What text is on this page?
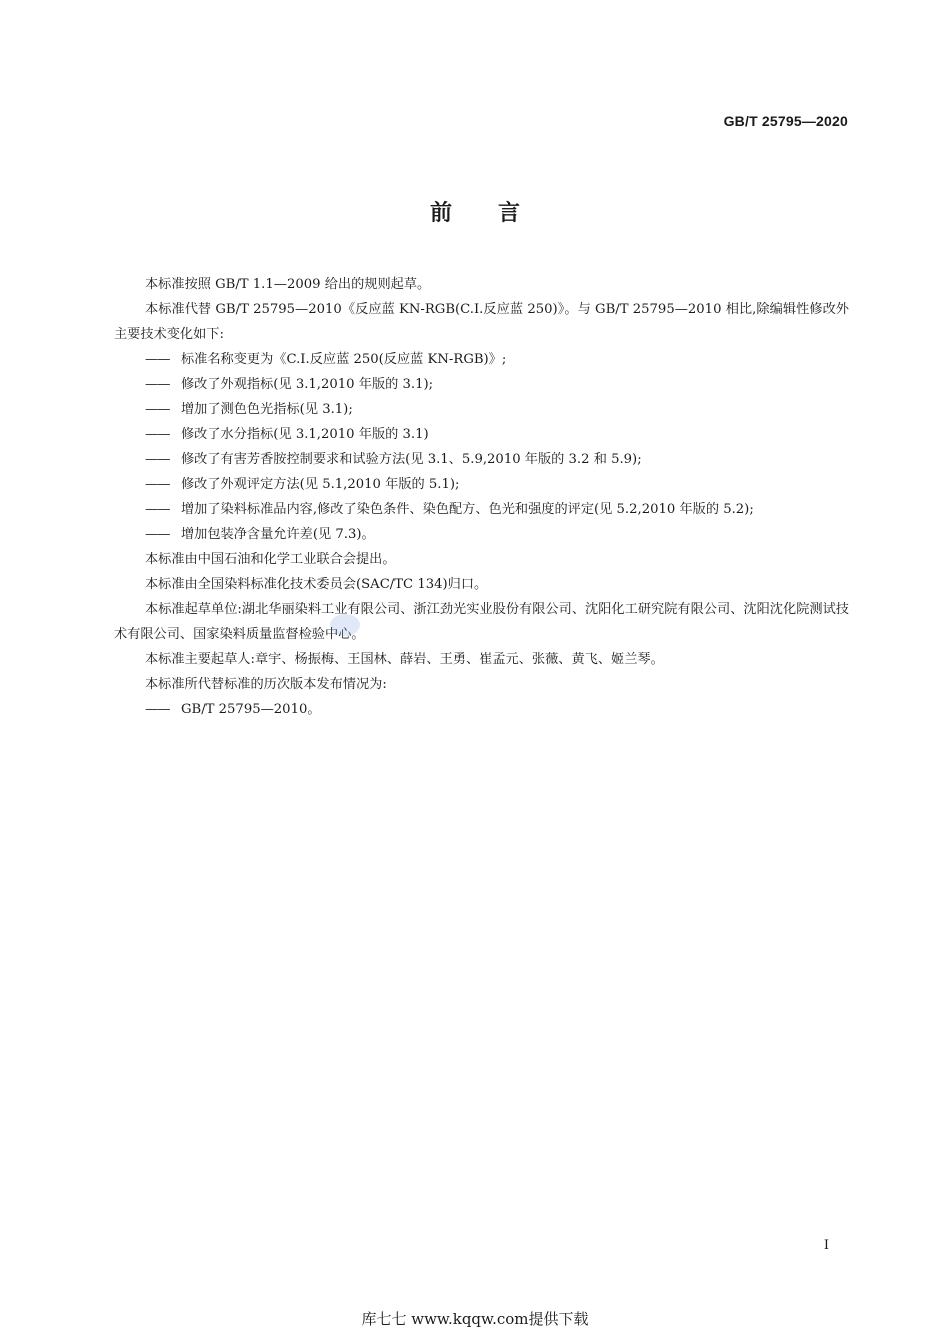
GB/T 25795—2020
前言

本标准按照 GB/T 1.1—2009 给出的规则起草。

本标准代替 GB/T 25795—2010《反应蓝 KN-RGB(C.I.反应蓝 250)》。与 GB/T 25795—2010 相比,除编辑性修改外主要技术变化如下:

—— 标准名称变更为《C.I.反应蓝 250(反应蓝 KN-RGB)》;
—— 修改了外观指标(见 3.1,2010 年版的 3.1);
—— 增加了测色色光指标(见 3.1);
—— 修改了水分指标(见 3.1,2010 年版的 3.1)
—— 修改了有害芳香胺控制要求和试验方法(见 3.1、5.9,2010 年版的 3.2 和 5.9);
—— 修改了外观评定方法(见 5.1,2010 年版的 5.1);
—— 增加了染料标准品内容,修改了染色条件、染色配方、色光和强度的评定(见 5.2,2010 年版的 5.2);
—— 增加包装净含量允许差(见 7.3)。

本标准由中国石油和化学工业联合会提出。

本标准由全国染料标准化技术委员会(SAC/TC 134)归口。

本标准起草单位:湖北华丽染料工业有限公司、浙江劲光实业股份有限公司、沈阳化工研究院有限公司、沈阳沈化院测试技术有限公司、国家染料质量监督检验中心。

本标准主要起草人:章宇、杨振梅、王国林、薛岩、王勇、崔孟元、张薇、黄飞、姬兰琴。

本标准所代替标准的历次版本发布情况为:

—— GB/T 25795—2010。
I
库七七 www.kqqw.com提供下载
